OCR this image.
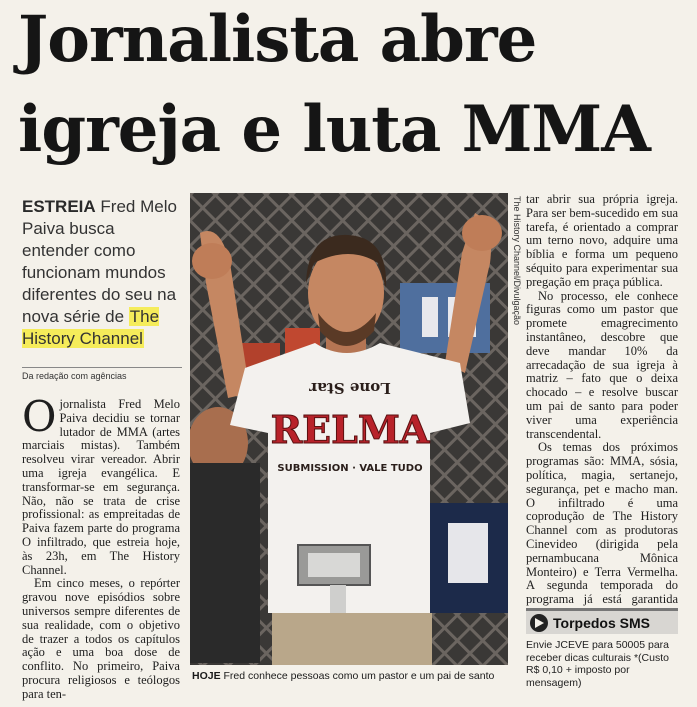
Jornalista abre
igreja e luta MMA
ESTREIA Fred Melo Paiva busca entender como funcionam mundos diferentes do seu na nova série de The History Channel
Da redação com agências

Ojornalista Fred Melo Paiva decidiu se tornar lutador de MMA (artes marciais mistas). Também resolveu virar vereador. Abrir uma igreja evangélica. E transformar-se em segurança. Não, não se trata de crise profissional: as empreitadas de Paiva fazem parte do programa O infiltrado, que estreia hoje, às 23h, em The History Channel.

Em cinco meses, o repórter gravou nove episódios sobre universos sempre diferentes de sua realidade, com o objetivo de trazer a todos os capítulos ação e uma boa dose de conflito. No primeiro, Paiva procura religiosos e teólogos para ten-

Lone Star
RELMA
SUBMISSION · VALE TUDO
The History Channel/Divulgação
HOJE Fred conhece pessoas como um pastor e um pai de santo

tar abrir sua própria igreja. Para ser bem-sucedido em sua tarefa, é orientado a comprar um terno novo, adquire uma bíblia e forma um pequeno séquito para experimentar sua pregação em praça pública.

No processo, ele conhece figuras como um pastor que promete emagrecimento instantâneo, descobre que deve mandar 10% da arrecadação de sua igreja à matriz – fato que o deixa chocado – e resolve buscar um pai de santo para poder viver uma experiência transcendental.

Os temas dos próximos programas são: MMA, sósia, política, magia, sertanejo, segurança, pet e macho man. O infiltrado é uma coprodução de The History Channel com as produtoras Cinevideo (dirigida pela pernambucana Mônica Monteiro) e Terra Vermelha. A segunda temporada do programa já está garantida

Torpedos SMS
Envie JCEVE para 50005 para receber dicas culturais *(Custo R$ 0,10 + imposto por mensagem)
